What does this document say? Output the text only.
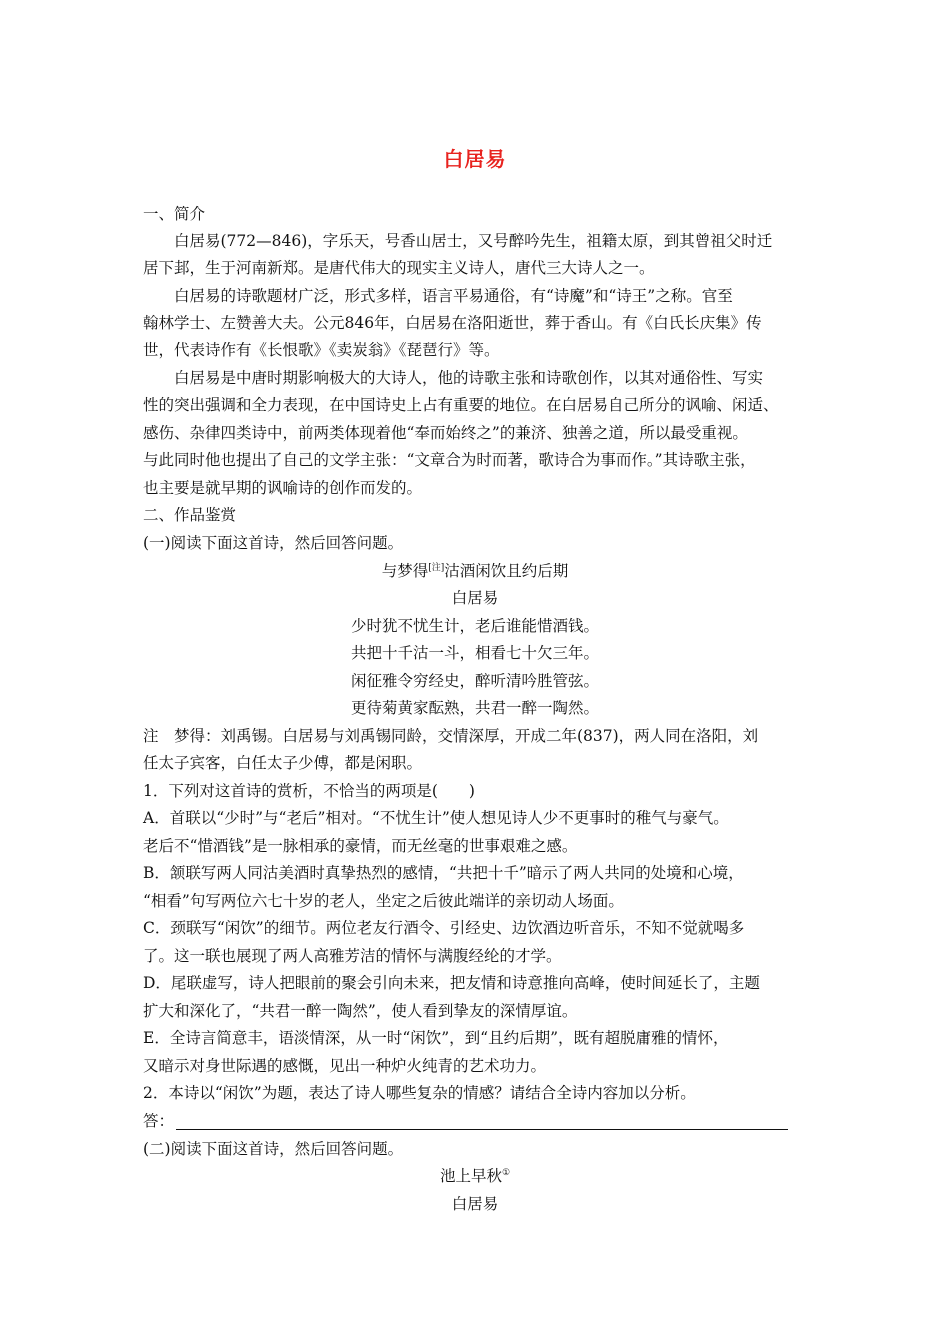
白居易
一、简介
白居易(772—846)，字乐天，号香山居士，又号醉吟先生，祖籍太原，到其曾祖父时迁
居下邽，生于河南新郑。是唐代伟大的现实主义诗人，唐代三大诗人之一。
白居易的诗歌题材广泛，形式多样，语言平易通俗，有“诗魔”和“诗王”之称。官至
翰林学士、左赞善大夫。公元846年，白居易在洛阳逝世，葬于香山。有《白氏长庆集》传
世，代表诗作有《长恨歌》《卖炭翁》《琵琶行》等。
白居易是中唐时期影响极大的大诗人，他的诗歌主张和诗歌创作，以其对通俗性、写实
性的突出强调和全力表现，在中国诗史上占有重要的地位。在白居易自己所分的讽喻、闲适、
感伤、杂律四类诗中，前两类体现着他“奉而始终之”的兼济、独善之道，所以最受重视。
与此同时他也提出了自己的文学主张：“文章合为时而著，歌诗合为事而作。”其诗歌主张，
也主要是就早期的讽喻诗的创作而发的。
二、作品鉴赏
(一)阅读下面这首诗，然后回答问题。
与梦得[注]沽酒闲饮且约后期
白居易
少时犹不忧生计，老后谁能惜酒钱。
共把十千沽一斗，相看七十欠三年。
闲征雅令穷经史，醉听清吟胜管弦。
更待菊黄家酝熟，共君一醉一陶然。
注　梦得：刘禹锡。白居易与刘禹锡同龄，交情深厚，开成二年(837)，两人同在洛阳，刘
任太子宾客，白任太子少傅，都是闲职。
1．下列对这首诗的赏析，不恰当的两项是(　　)
A．首联以“少时”与“老后”相对。“不忧生计”使人想见诗人少不更事时的稚气与豪气。
老后不“惜酒钱”是一脉相承的豪情，而无丝毫的世事艰难之感。
B．颔联写两人同沽美酒时真挚热烈的感情，“共把十千”暗示了两人共同的处境和心境，
“相看”句写两位六七十岁的老人，坐定之后彼此端详的亲切动人场面。
C．颈联写“闲饮”的细节。两位老友行酒令、引经史、边饮酒边听音乐，不知不觉就喝多
了。这一联也展现了两人高雅芳洁的情怀与满腹经纶的才学。
D．尾联虚写，诗人把眼前的聚会引向未来，把友情和诗意推向高峰，使时间延长了，主题
扩大和深化了，“共君一醉一陶然”，使人看到挚友的深情厚谊。
E．全诗言简意丰，语淡情深，从一时“闲饮”，到“且约后期”，既有超脱庸雅的情怀，
又暗示对身世际遇的感慨，见出一种炉火纯青的艺术功力。
2．本诗以“闲饮”为题，表达了诗人哪些复杂的情感？请结合全诗内容加以分析。
答：
(二)阅读下面这首诗，然后回答问题。
池上早秋①
白居易
